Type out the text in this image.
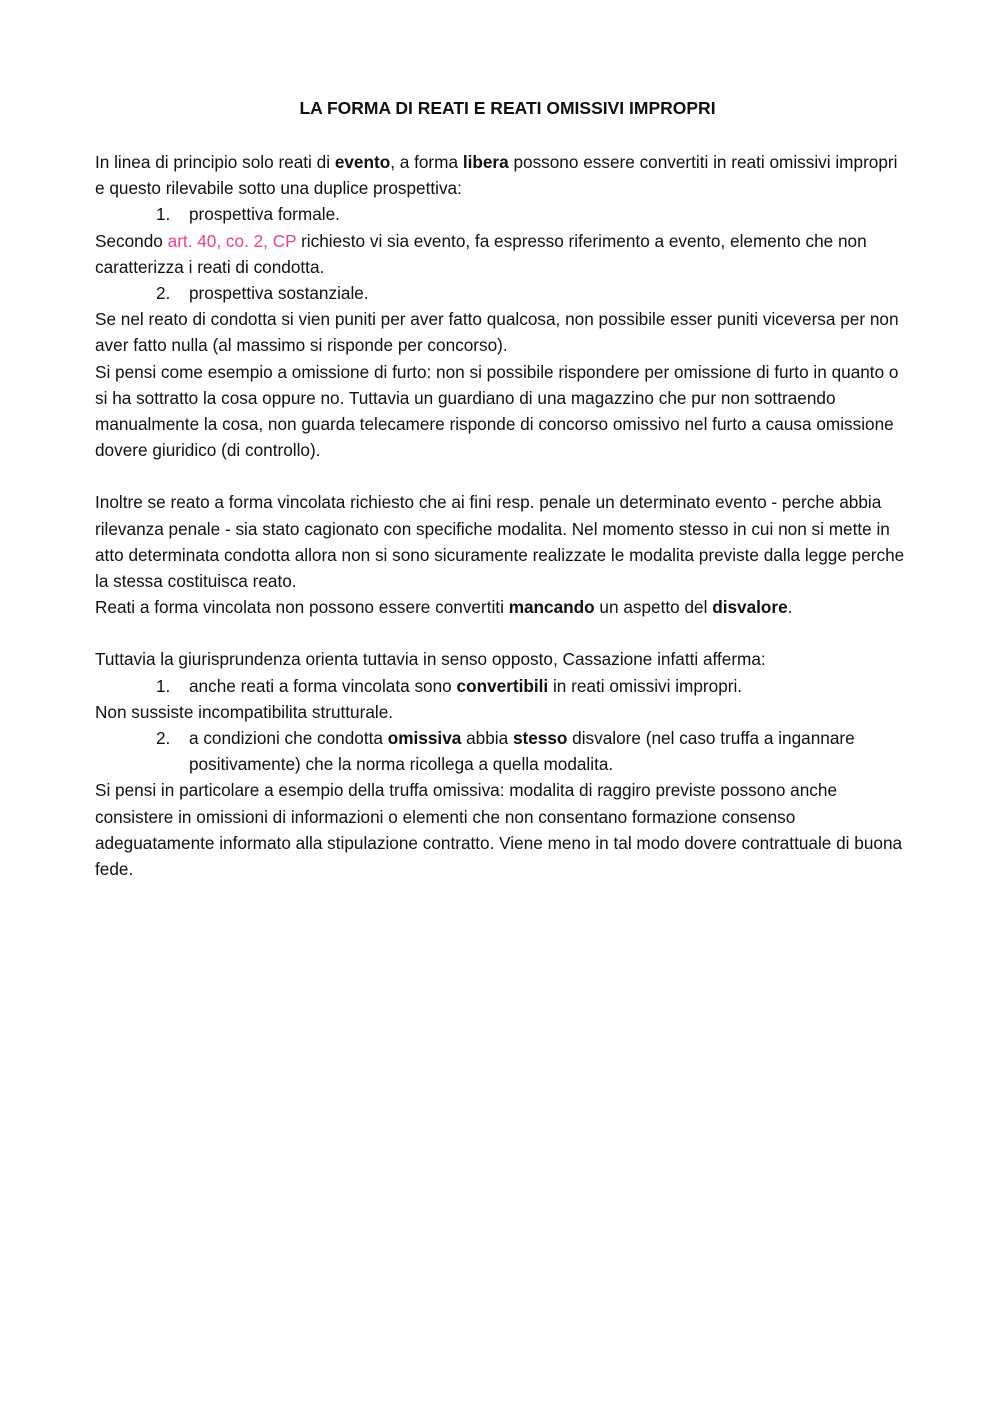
LA FORMA DI REATI E REATI OMISSIVI IMPROPRI

In linea di principio solo reati di evento, a forma libera possono essere convertiti in reati omissivi impropri e questo rilevabile sotto una duplice prospettiva:

1. prospettiva formale.

Secondo art. 40, co. 2, CP richiesto vi sia evento, fa espresso riferimento a evento, elemento che non caratterizza i reati di condotta.

2. prospettiva sostanziale.

Se nel reato di condotta si vien puniti per aver fatto qualcosa, non possibile esser puniti viceversa per non aver fatto nulla (al massimo si risponde per concorso).

Si pensi come esempio a omissione di furto: non si possibile rispondere per omissione di furto in quanto o si ha sottratto la cosa oppure no. Tuttavia un guardiano di una magazzino che pur non sottraendo manualmente la cosa, non guarda telecamere risponde di concorso omissivo nel furto a causa omissione dovere giuridico (di controllo).

Inoltre se reato a forma vincolata richiesto che ai fini resp. penale un determinato evento - perche abbia rilevanza penale - sia stato cagionato con specifiche modalita. Nel momento stesso in cui non si mette in atto determinata condotta allora non si sono sicuramente realizzate le modalita previste dalla legge perche la stessa costituisca reato.

Reati a forma vincolata non possono essere convertiti mancando un aspetto del disvalore.

Tuttavia la giurisprundenza orienta tuttavia in senso opposto, Cassazione infatti afferma:

1. anche reati a forma vincolata sono convertibili in reati omissivi impropri.

Non sussiste incompatibilita strutturale.

2. a condizioni che condotta omissiva abbia stesso disvalore (nel caso truffa a ingannare positivamente) che la norma ricollega a quella modalita.

Si pensi in particolare a esempio della truffa omissiva: modalita di raggiro previste possono anche consistere in omissioni di informazioni o elementi che non consentano formazione consenso adeguatamente informato alla stipulazione contratto. Viene meno in tal modo dovere contrattuale di buona fede.
